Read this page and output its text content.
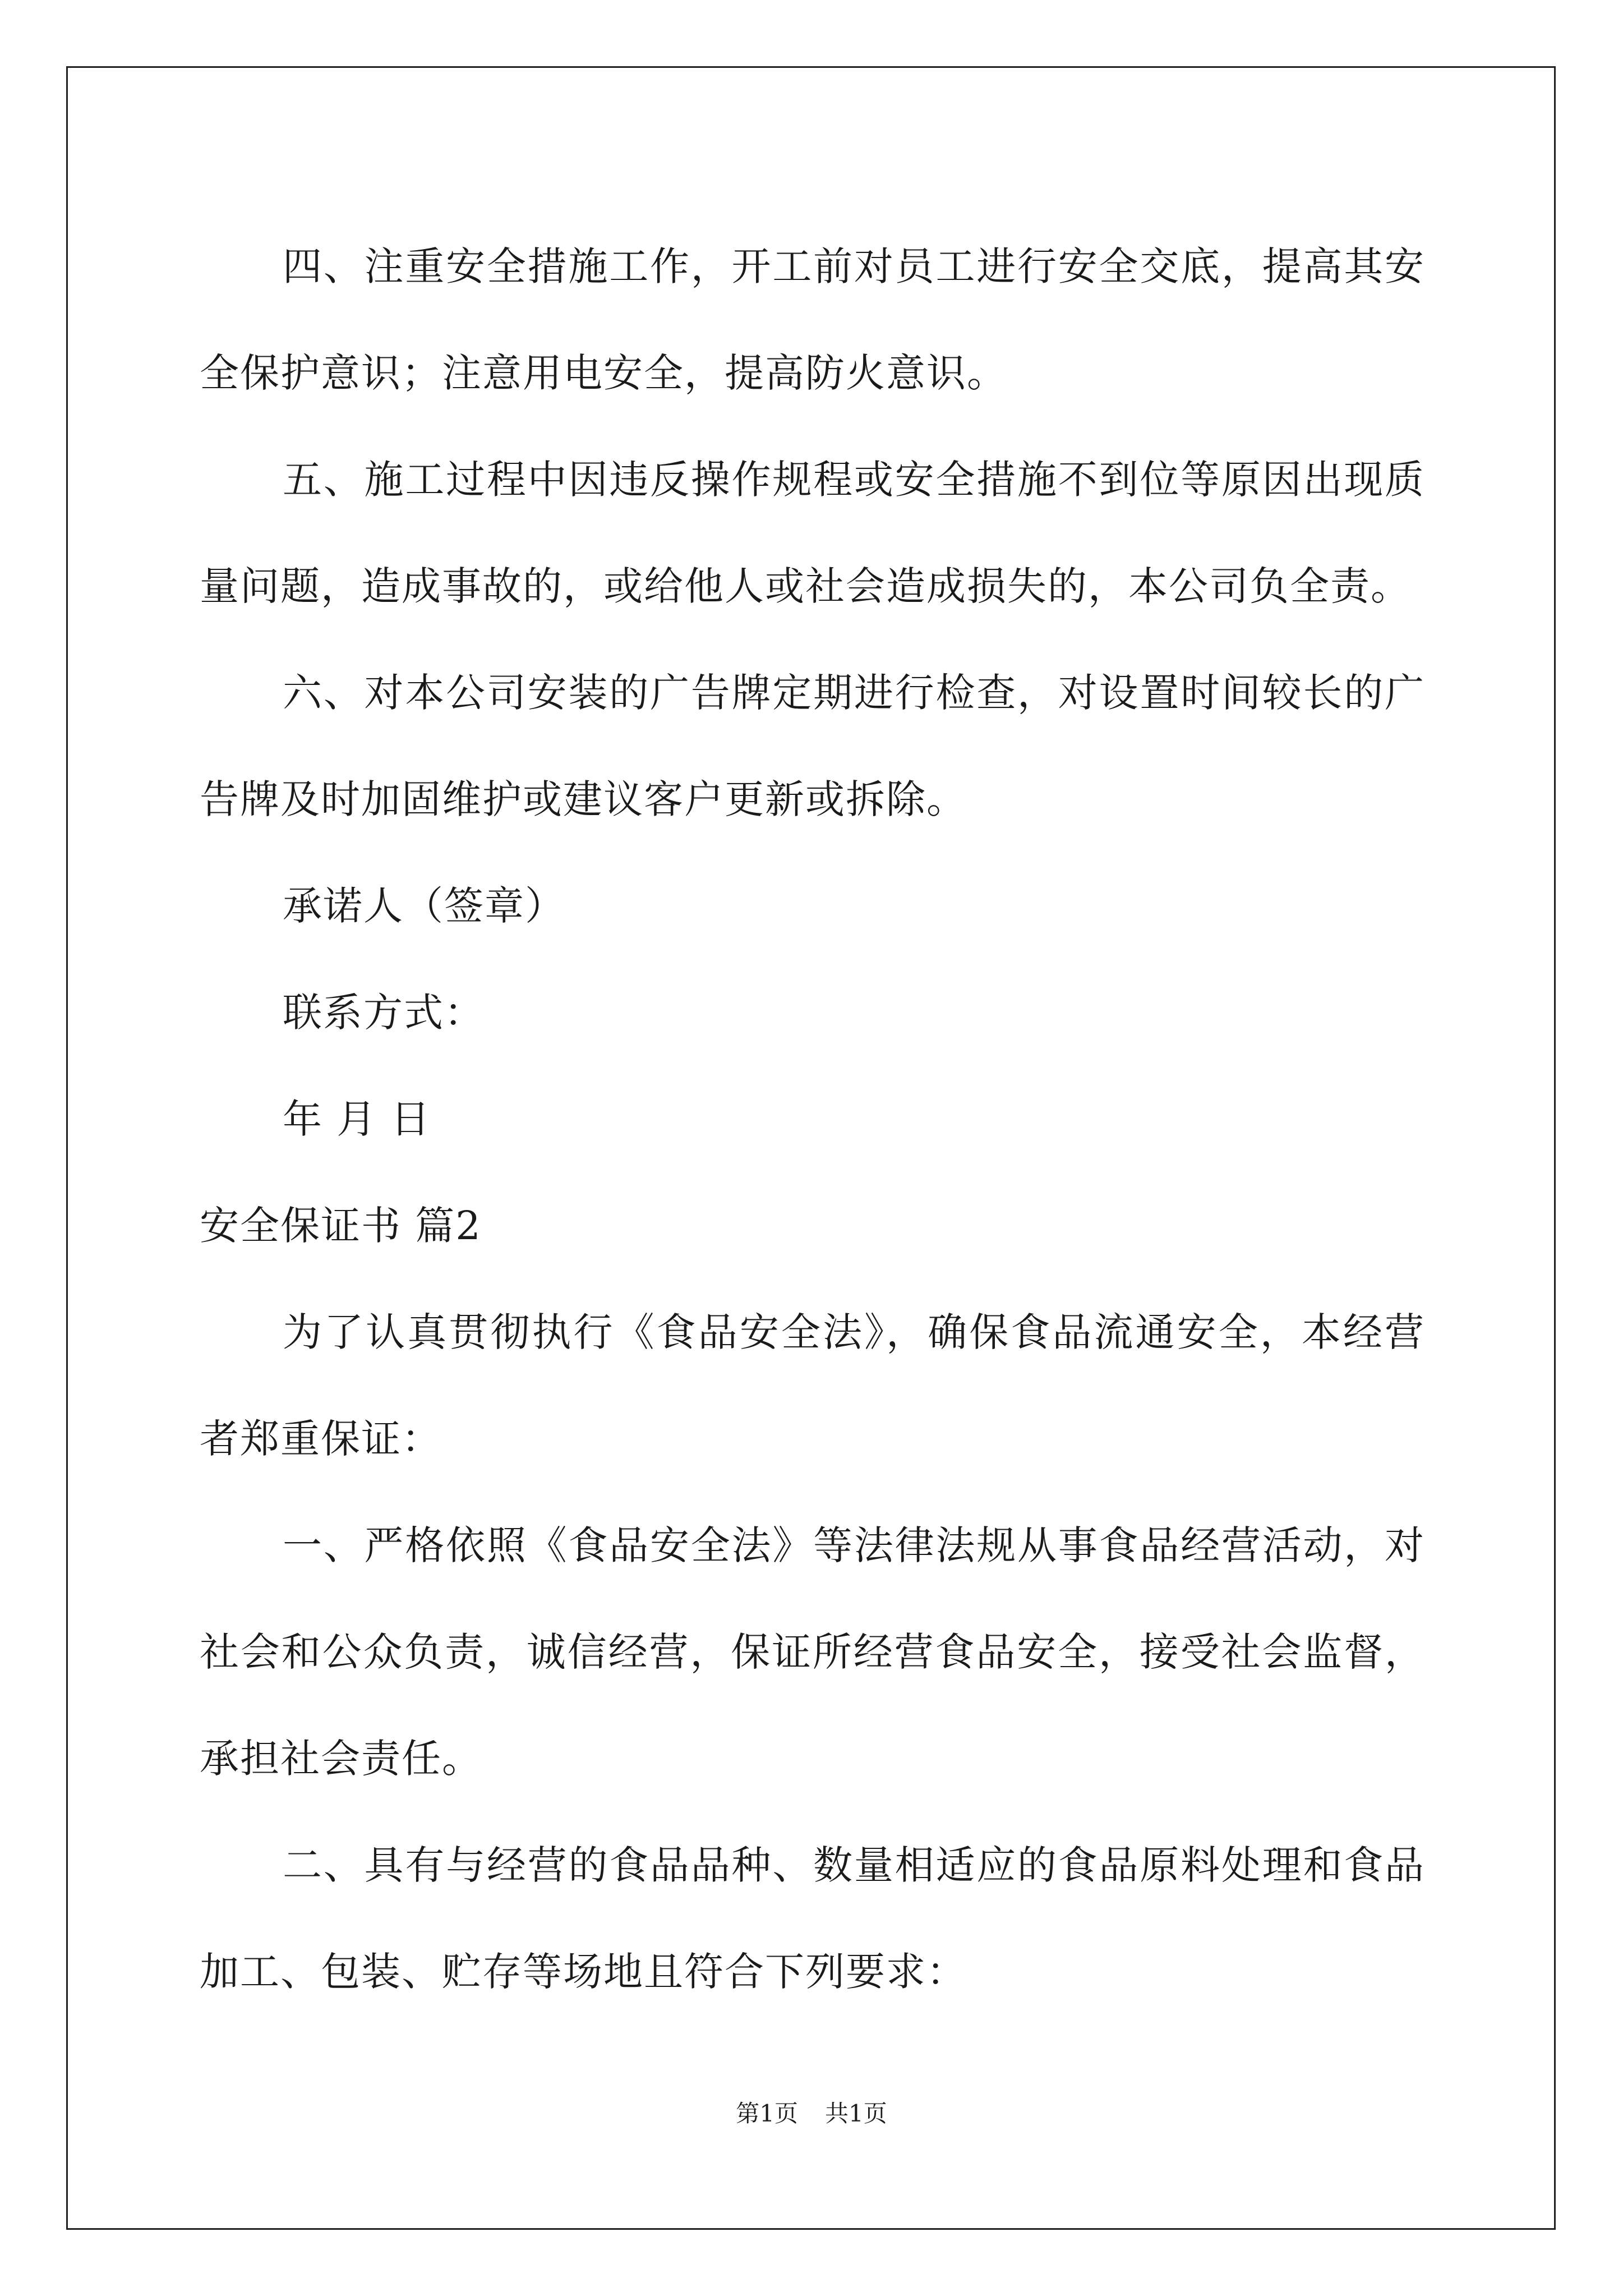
四、注重安全措施工作，开工前对员工进行安全交底，提高其安全保护意识；注意用电安全，提高防火意识。

五、施工过程中因违反操作规程或安全措施不到位等原因出现质量问题，造成事故的，或给他人或社会造成损失的，本公司负全责。

六、对本公司安装的广告牌定期进行检查，对设置时间较长的广告牌及时加固维护或建议客户更新或拆除。

承诺人（签章）

联系方式：

年 月 日

安全保证书 篇2

为了认真贯彻执行《食品安全法》，确保食品流通安全，本经营者郑重保证：

一、严格依照《食品安全法》等法律法规从事食品经营活动，对社会和公众负责，诚信经营，保证所经营食品安全，接受社会监督，承担社会责任。

二、具有与经营的食品品种、数量相适应的食品原料处理和食品加工、包装、贮存等场地且符合下列要求：

第1页 共1页
